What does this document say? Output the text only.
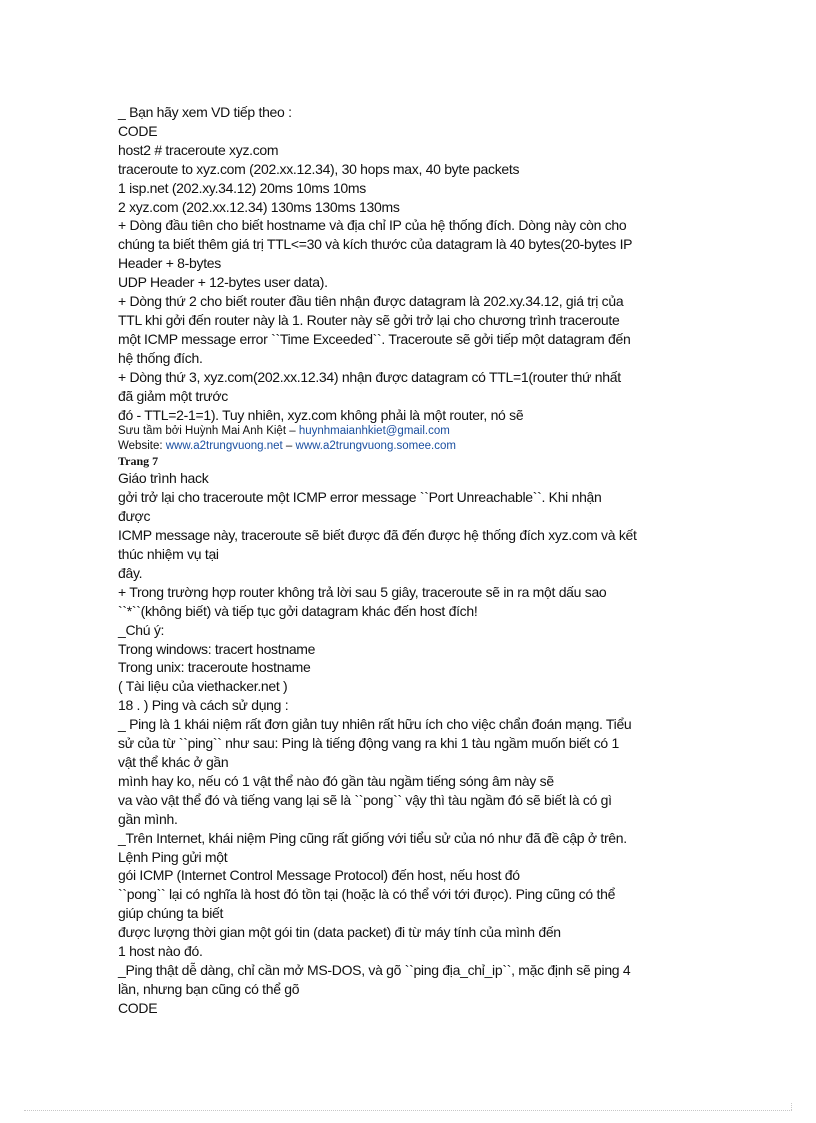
_ Bạn hãy xem VD tiếp theo :
CODE
host2 # traceroute xyz.com
traceroute to xyz.com (202.xx.12.34), 30 hops max, 40 byte packets
1 isp.net (202.xy.34.12) 20ms 10ms 10ms
2 xyz.com (202.xx.12.34) 130ms 130ms 130ms
+ Dòng đầu tiên cho biết hostname và địa chỉ IP của hệ thống đích. Dòng này còn cho
chúng ta biết thêm giá trị TTL<=30 và kích thước của datagram là 40 bytes(20-bytes IP
Header + 8-bytes
UDP Header + 12-bytes user data).
+ Dòng thứ 2 cho biết router đầu tiên nhận được datagram là 202.xy.34.12, giá trị của
TTL khi gởi đến router này là 1. Router này sẽ gởi trở lại cho chương trình traceroute
một ICMP message error ``Time Exceeded``. Traceroute sẽ gởi tiếp một datagram đến
hệ thống đích.
+ Dòng thứ 3, xyz.com(202.xx.12.34) nhận được datagram có TTL=1(router thứ nhất
đã giảm một trước
đó - TTL=2-1=1). Tuy nhiên, xyz.com không phải là một router, nó sẽ
Sưu tầm bởi Huỳnh Mai Anh Kiệt – huynhmaianhkiet@gmail.com
Website: www.a2trungvuong.net – www.a2trungvuong.somee.com
Trang 7
Giáo trình hack
gởi trở lại cho traceroute một ICMP error message ``Port Unreachable``. Khi nhận
được
ICMP message này, traceroute sẽ biết được đã đến được hệ thống đích xyz.com và kết
thúc nhiệm vụ tại
đây.
+ Trong trường hợp router không trả lời sau 5 giây, traceroute sẽ in ra một dấu sao
``*``(không biết) và tiếp tục gởi datagram khác đến host đích!
_Chú ý:
Trong windows: tracert hostname
Trong unix: traceroute hostname
( Tài liệu của viethacker.net )
18 . ) Ping và cách sử dụng :
_ Ping là 1 khái niệm rất đơn giản tuy nhiên rất hữu ích cho việc chẩn đoán mạng. Tiểu
sử của từ ``ping`` như sau: Ping là tiếng động vang ra khi 1 tàu ngầm muốn biết có 1
vật thể khác ở gần
mình hay ko, nếu có 1 vật thể nào đó gần tàu ngầm tiếng sóng âm này sẽ
va vào vật thể đó và tiếng vang lại sẽ là ``pong`` vậy thì tàu ngầm đó sẽ biết là có gì
gần mình.
_Trên Internet, khái niệm Ping cũng rất giống với tiểu sử của nó như đã đề cập ở trên.
Lệnh Ping gửi một
gói ICMP (Internet Control Message Protocol) đến host, nếu host đó
``pong`` lại có nghĩa là host đó tồn tại (hoặc là có thể với tới đưọc). Ping cũng có thể
giúp chúng ta biết
được lượng thời gian một gói tin (data packet) đi từ máy tính của mình đến
1 host nào đó.
_Ping thật dễ dàng, chỉ cần mở MS-DOS, và gõ ``ping địa_chỉ_ip``, mặc định sẽ ping 4
lần, nhưng bạn cũng có thể gõ
CODE
